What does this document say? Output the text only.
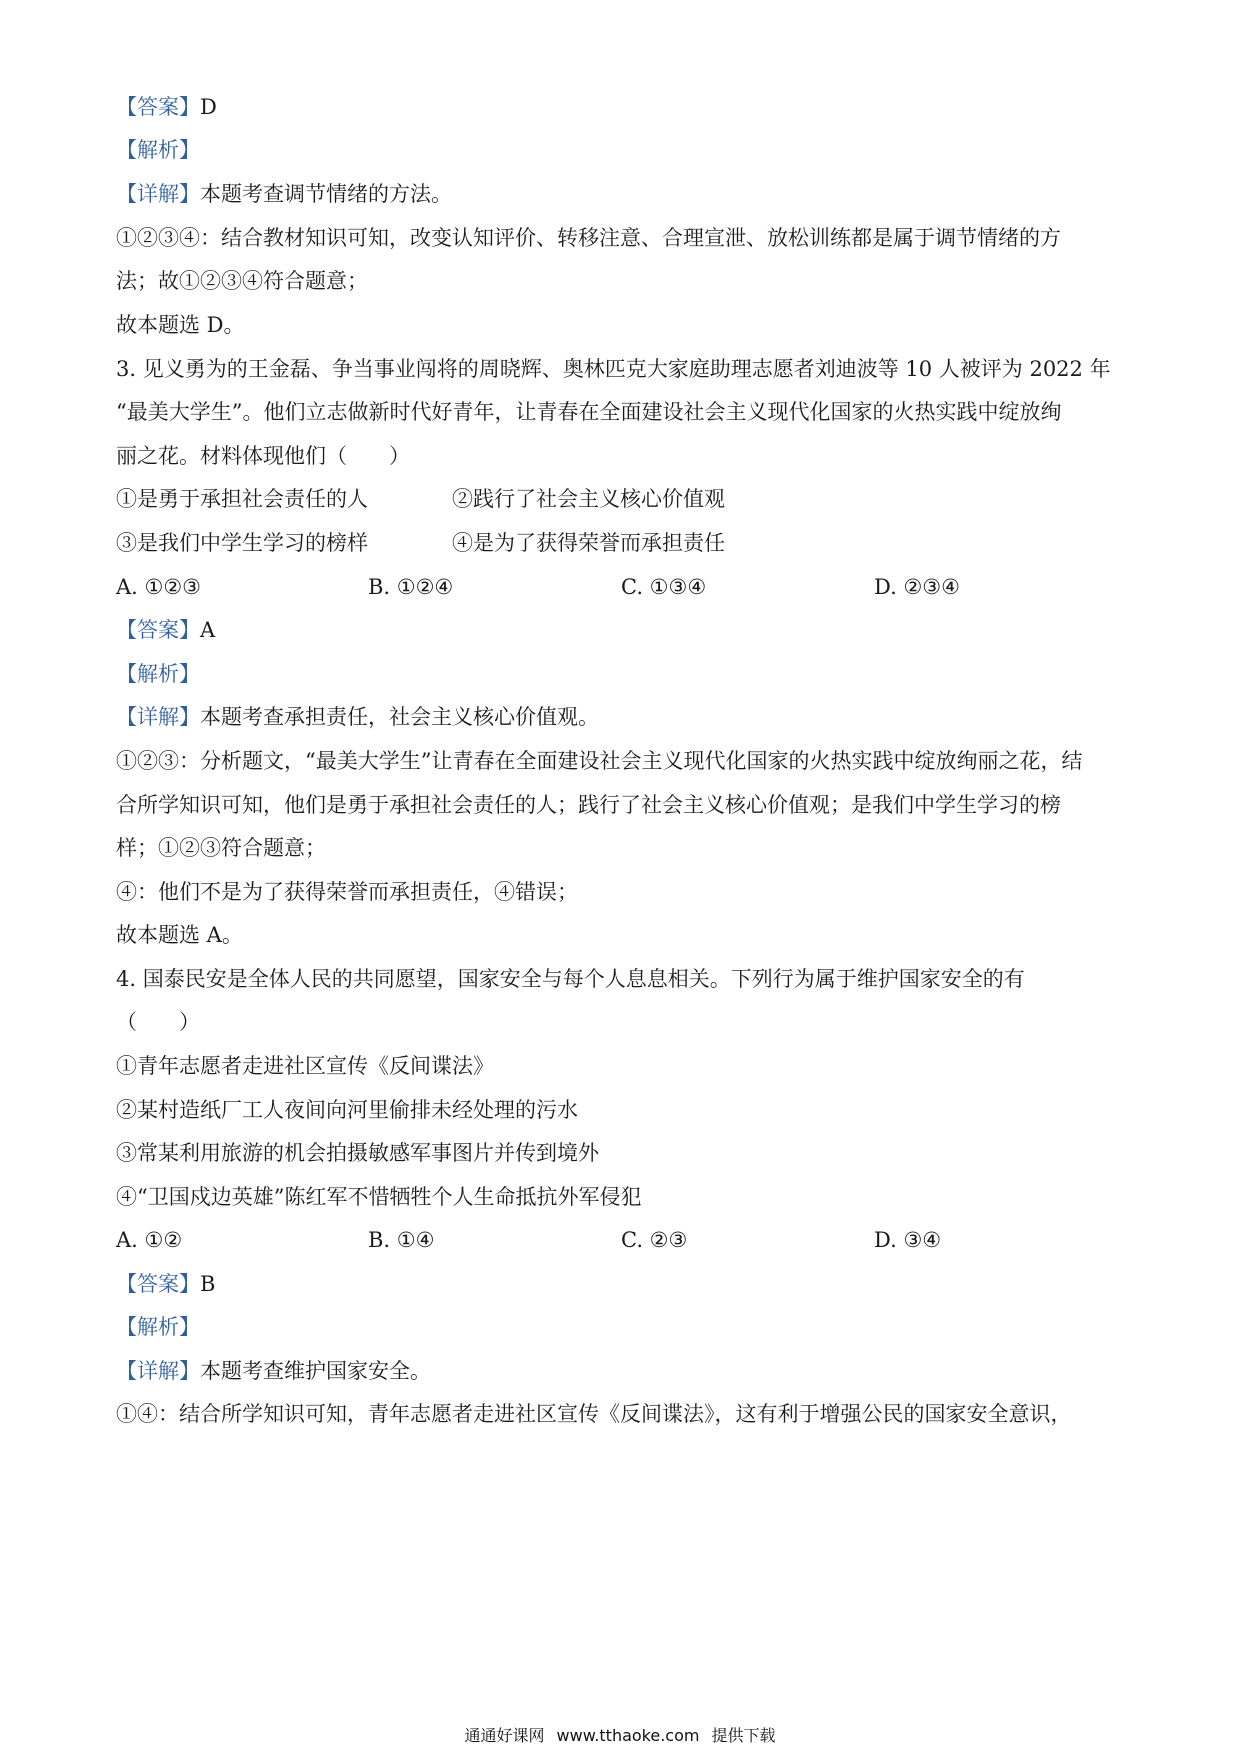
【答案】D
【解析】
【详解】本题考查调节情绪的方法。
①②③④：结合教材知识可知，改变认知评价、转移注意、合理宣泄、放松训练都是属于调节情绪的方
法；故①②③④符合题意；
故本题选 D。
3. 见义勇为的王金磊、争当事业闯将的周晓辉、奥林匹克大家庭助理志愿者刘迪波等 10 人被评为 2022 年
“最美大学生”。他们立志做新时代好青年，让青春在全面建设社会主义现代化国家的火热实践中绽放绚
丽之花。材料体现他们（　　）
①是勇于承担社会责任的人	②践行了社会主义核心价值观
③是我们中学生学习的榜样	④是为了获得荣誉而承担责任
A. ①②③	B. ①②④	C. ①③④	D. ②③④
【答案】A
【解析】
【详解】本题考查承担责任，社会主义核心价值观。
①②③：分析题文，“最美大学生”让青春在全面建设社会主义现代化国家的火热实践中绽放绚丽之花，结
合所学知识可知，他们是勇于承担社会责任的人；践行了社会主义核心价值观；是我们中学生学习的榜
样；①②③符合题意；
④：他们不是为了获得荣誉而承担责任，④错误；
故本题选 A。
4. 国泰民安是全体人民的共同愿望，国家安全与每个人息息相关。下列行为属于维护国家安全的有
（　　）
①青年志愿者走进社区宣传《反间谍法》
②某村造纸厂工人夜间向河里偷排未经处理的污水
③常某利用旅游的机会拍摄敏感军事图片并传到境外
④“卫国戍边英雄”陈红军不惜牺牲个人生命抵抗外军侵犯
A. ①②	B. ①④	C. ②③	D. ③④
【答案】B
【解析】
【详解】本题考查维护国家安全。
①④：结合所学知识可知，青年志愿者走进社区宣传《反间谍法》，这有利于增强公民的国家安全意识，
通通好课网 www.tthaoke.com 提供下载
